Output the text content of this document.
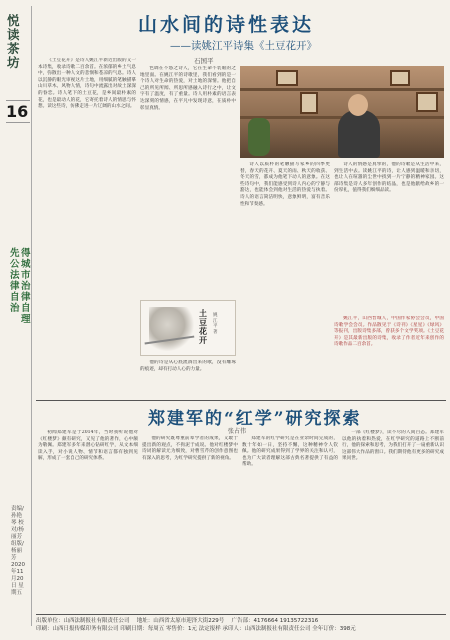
悦读茶坊
16
先公法律自治
得城市治律自理
责编/孙艳琴 校对/杨丽芳 组版/杨丽芳 2020年11月20日 星期五
山水间的诗性表达
——读姚江平诗集《土豆花开》
石国平

《土豆花开》是诗人姚江平新近出版的又一本诗集，收录诗歌二百余首。在浓郁的乡土气息中，弥散出一种人文的悲悯和苍凉的气息。诗人以沉静的眼光审视这片土地，用细腻的笔触描摹山川草木、风物人情，诗句中流露出对故土深深的眷恋。诗人笔下的土豆花，是乡间最朴素的花，也是最动人的花，它寄托着诗人的情思与怀想。读这些诗，仿佛走进一片辽阔的山水之间。

色调在不悠之诗人，它在生命不装眼的之地里面。在姚江平的诗歌里，我们看到的是一个诗人对生命的热爱，对土地的深情。他把自己的所见所闻、所思所感融入诗行之中，让文字有了温度，有了重量。诗人用朴素的语言表达深刻的情感，在平凡中发现诗意，在质朴中彰显真情。

土豆花开
姚江平 著

他的诗是从心底流淌出来的歌，没有雕琢的痕迹，却有打动人心的力量。

诗人以质朴的笔触描写家乡的四季更替，春天的花开、夏天的雨、秋天的收获、冬天的雪，都成为他笔下动人的意象。在这些诗句中，我们能感受到诗人内心的宁静与豁达，也能体会到他对生活的热爱与执着。诗人的语言简洁明快，意象鲜明，富有音乐性和节奏感。

诗人的情感是真挚的，他的诗歌是从生活中来，到生活中去。读姚江平的诗，让人感到温暖和亲切，也让人在喧嚣的尘世中找到一片宁静的精神家园。这部诗集是诗人多年创作的结晶，也是他献给故乡的一份厚礼，值得我们细细品读。

姚江平，山西晋城人，中国作家协会会员，中国诗歌学会会员。作品散见于《诗刊》《星星》《绿风》等报刊，出版诗集多部，曾获多个文学奖项。《土豆花开》是其最新出版的诗集，收录了作者近年来创作的诗歌作品二百余首。

郑建军的“红学”研究探索
张占伟

初闻郑建军是于2014年，当时我听说他对《红楼梦》颇有研究，又见了他的著作，心中颇为敬佩。郑建军多年来潜心钻研红学，从文本细读入手，对小说人物、情节和语言都有独到见解，形成了一套自己的研究体系。

他的研究既尊重前辈学者的成果，又敢于提出新的观点，不拘泥于成说。他对红楼梦中诗词的解读尤为细致，对曹雪芹的创作意图也有深入的思考，为红学研究提供了新的视角。

郑建军的红学研究是在业余时间完成的，数十年如一日，坚持不懈，这种精神令人钦佩。他的研究成果得到了学界的关注和认可，也为广大读者理解这部古典名著提供了有益的帮助。

一部《红楼梦》，读不尽的人间百态。郑建军以他的执着和热爱，在红学研究的道路上不断前行，他的探索和思考，为我们打开了一扇重新认识这部伟大作品的窗口。我们期待他有更多的研究成果问世。

出版单位：山西法制报社有限责任公司　 地址：山西省太原市迎泽大街229号　 广告部：4176664 19135722316
印刷：山西日报传媒印务有限公司 印刷日期：每周五 零售价：1元 法定报样 承印人：山西法制报社有限责任公司 全年订价：398元
